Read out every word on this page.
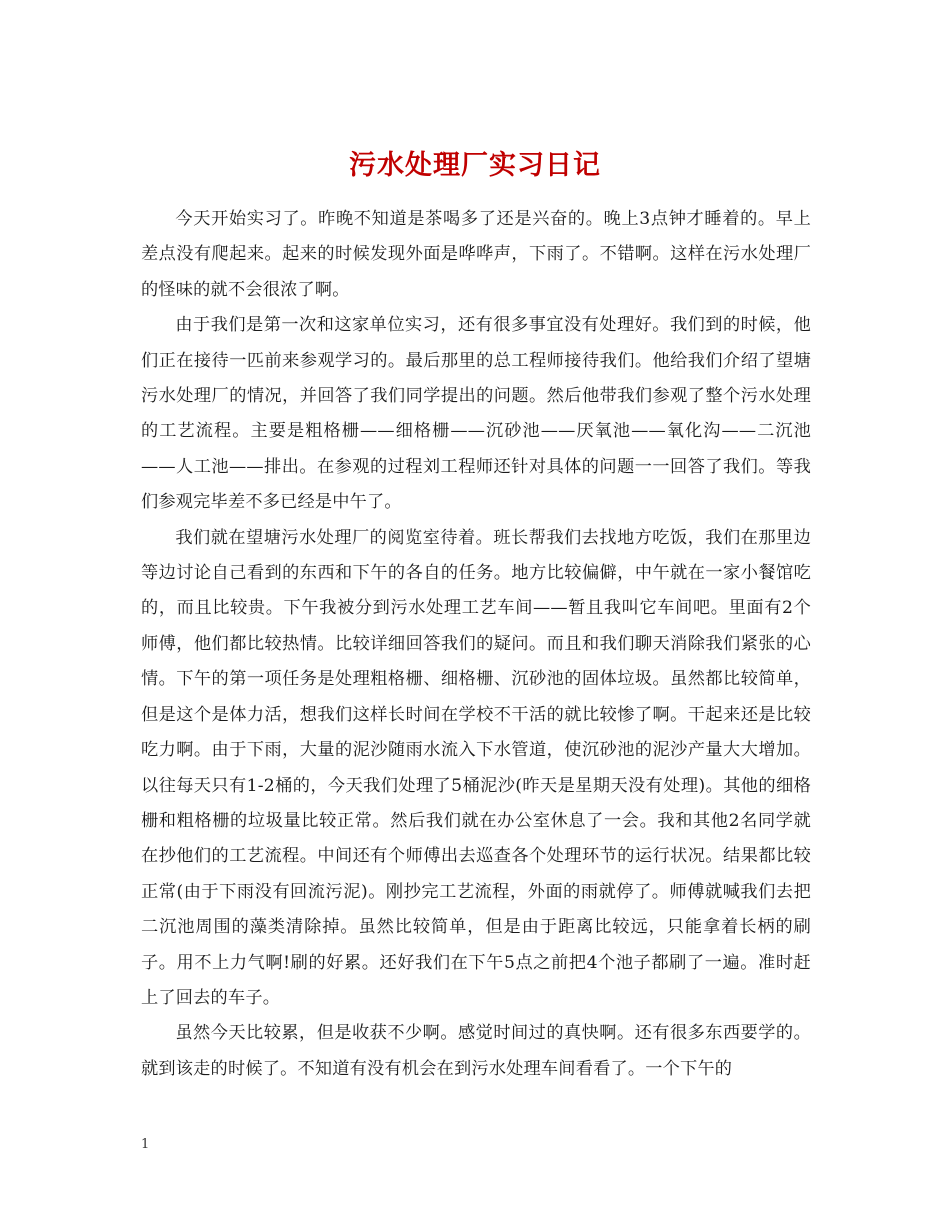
污水处理厂实习日记

今天开始实习了。昨晚不知道是茶喝多了还是兴奋的。晚上3点钟才睡着的。早上差点没有爬起来。起来的时候发现外面是哗哗声，下雨了。不错啊。这样在污水处理厂的怪味的就不会很浓了啊。

由于我们是第一次和这家单位实习，还有很多事宜没有处理好。我们到的时候，他们正在接待一匹前来参观学习的。最后那里的总工程师接待我们。他给我们介绍了望塘污水处理厂的情况，并回答了我们同学提出的问题。然后他带我们参观了整个污水处理的工艺流程。主要是粗格栅——细格栅——沉砂池——厌氧池——氧化沟——二沉池——人工池——排出。在参观的过程刘工程师还针对具体的问题一一回答了我们。等我们参观完毕差不多已经是中午了。

我们就在望塘污水处理厂的阅览室待着。班长帮我们去找地方吃饭，我们在那里边等边讨论自己看到的东西和下午的各自的任务。地方比较偏僻，中午就在一家小餐馆吃的，而且比较贵。下午我被分到污水处理工艺车间——暂且我叫它车间吧。里面有2个师傅，他们都比较热情。比较详细回答我们的疑问。而且和我们聊天消除我们紧张的心情。下午的第一项任务是处理粗格栅、细格栅、沉砂池的固体垃圾。虽然都比较简单，但是这个是体力活，想我们这样长时间在学校不干活的就比较惨了啊。干起来还是比较吃力啊。由于下雨，大量的泥沙随雨水流入下水管道，使沉砂池的泥沙产量大大增加。以往每天只有1-2桶的，今天我们处理了5桶泥沙(昨天是星期天没有处理)。其他的细格栅和粗格栅的垃圾量比较正常。然后我们就在办公室休息了一会。我和其他2名同学就在抄他们的工艺流程。中间还有个师傅出去巡查各个处理环节的运行状况。结果都比较正常(由于下雨没有回流污泥)。刚抄完工艺流程，外面的雨就停了。师傅就喊我们去把二沉池周围的藻类清除掉。虽然比较简单，但是由于距离比较远，只能拿着长柄的刷子。用不上力气啊!刷的好累。还好我们在下午5点之前把4个池子都刷了一遍。准时赶上了回去的车子。

虽然今天比较累，但是收获不少啊。感觉时间过的真快啊。还有很多东西要学的。就到该走的时候了。不知道有没有机会在到污水处理车间看看了。一个下午的

1
